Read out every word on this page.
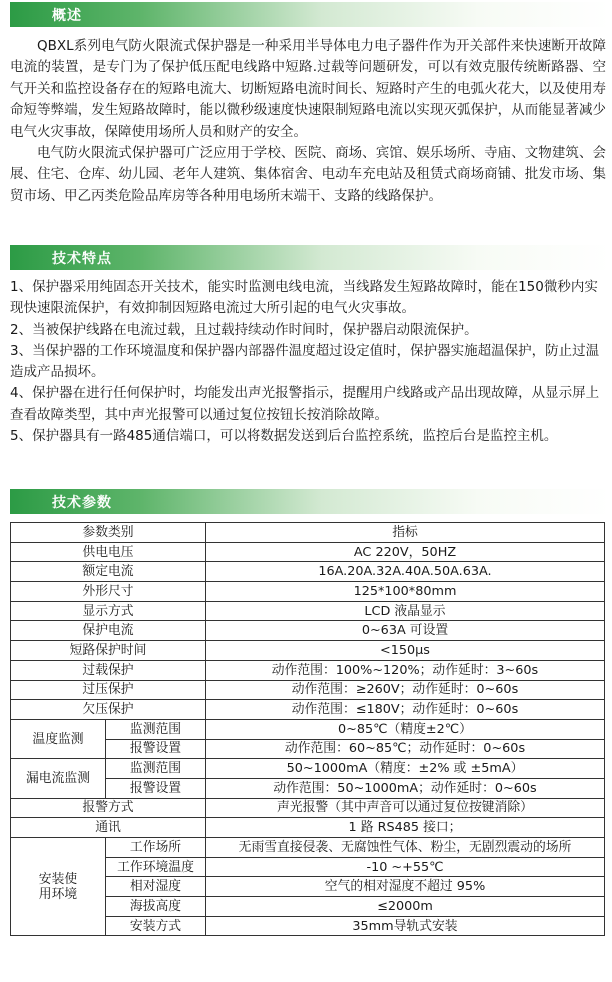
概述

QBXL系列电气防火限流式保护器是一种采用半导体电力电子器件作为开关部件来快速断开故障电流的装置，是专门为了保护低压配电线路中短路.过载等问题研发，可以有效克服传统断路器、空气开关和监控设备存在的短路电流大、切断短路电流时间长、短路时产生的电弧火花大，以及使用寿命短等弊端，发生短路故障时，能以微秒级速度快速限制短路电流以实现灭弧保护，从而能显著减少电气火灾事故，保障使用场所人员和财产的安全。

电气防火限流式保护器可广泛应用于学校、医院、商场、宾馆、娱乐场所、寺庙、文物建筑、会展、住宅、仓库、幼儿园、老年人建筑、集体宿舍、电动车充电站及租赁式商场商铺、批发市场、集贸市场、甲乙丙类危险品库房等各种用电场所末端干、支路的线路保护。

技术特点

1、保护器采用纯固态开关技术，能实时监测电线电流，当线路发生短路故障时，能在150微秒内实现快速限流保护，有效抑制因短路电流过大所引起的电气火灾事故。

2、当被保护线路在电流过载，且过载持续动作时间时，保护器启动限流保护。

3、当保护器的工作环境温度和保护器内部器件温度超过设定值时，保护器实施超温保护，防止过温造成产品损坏。

4、保护器在进行任何保护时，均能发出声光报警指示，提醒用户线路或产品出现故障，从显示屏上查看故障类型，其中声光报警可以通过复位按钮长按消除故障。

5、保护器具有一路485通信端口，可以将数据发送到后台监控系统，监控后台是监控主机。

技术参数
参数类别		指标
供电电压		AC 220V，50HZ
额定电流		16A.20A.32A.40A.50A.63A.
外形尺寸		125*100*80mm
显示方式		LCD 液晶显示
保护电流		0~63A 可设置
短路保护时间		<150μs
过载保护		动作范围：100%~120%；动作延时：3~60s
过压保护		动作范围：≥260V；动作延时：0~60s
欠压保护		动作范围：≤180V；动作延时：0~60s
温度监测	监测范围	0~85℃（精度±2℃）
	报警设置	动作范围：60~85℃；动作延时：0~60s
漏电流监测	监测范围	50~1000mA（精度：±2% 或 ±5mA）
	报警设置	动作范围：50~1000mA；动作延时：0~60s
报警方式		声光报警（其中声音可以通过复位按键消除）
通讯		1 路 RS485 接口；
安装使
用环境	工作场所	无雨雪直接侵袭、无腐蚀性气体、粉尘，无剧烈震动的场所
	工作环境温度	-10 ~+55℃
	相对湿度	空气的相对湿度不超过 95%
	海拔高度	≤2000m
	安装方式	35mm导轨式安装
